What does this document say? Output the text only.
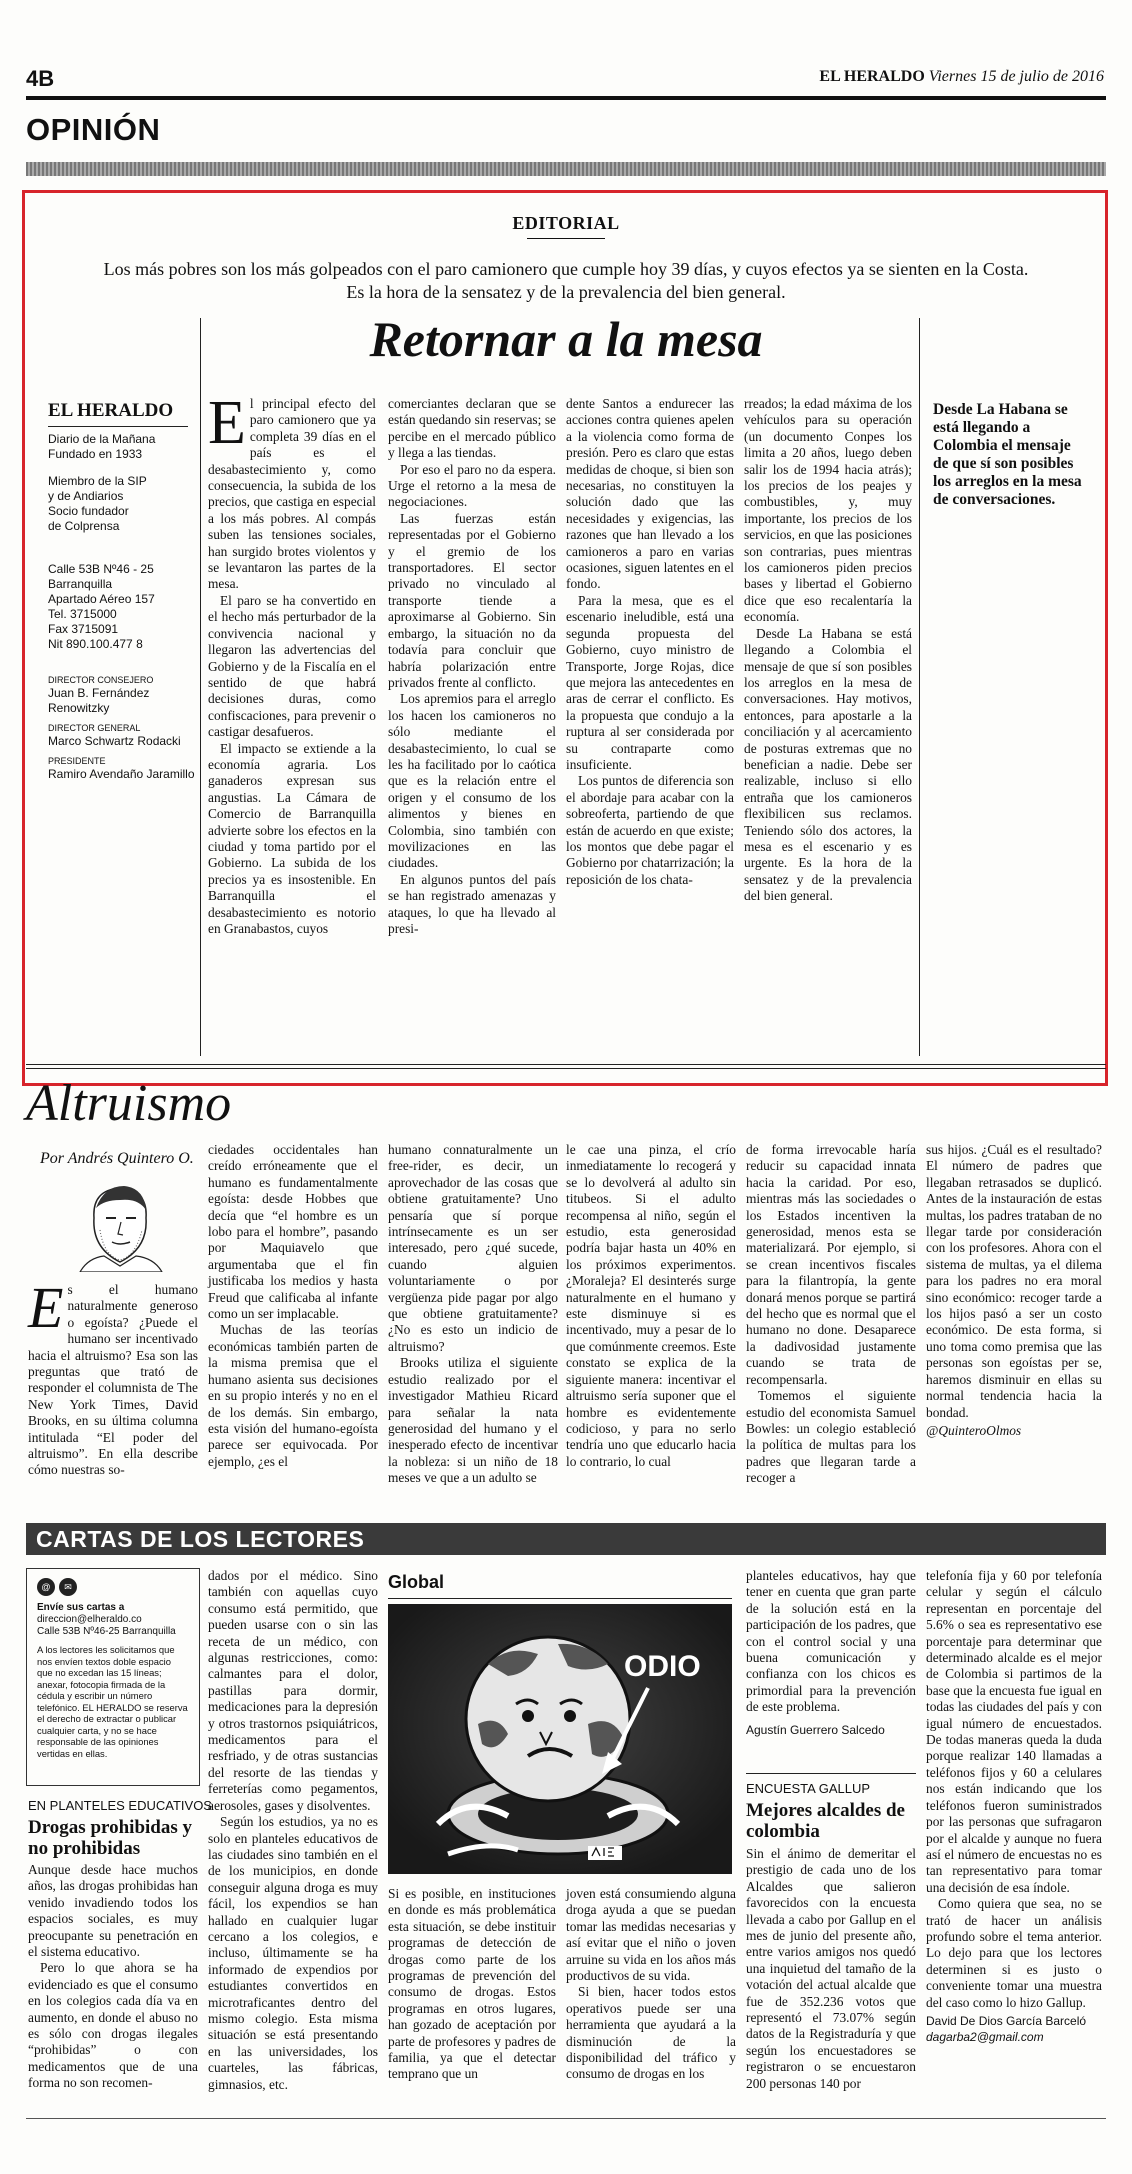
4B	EL HERALDO Viernes 15 de julio de 2016
OPINIÓN
EDITORIAL
Los más pobres son los más golpeados con el paro camionero que cumple hoy 39 días, y cuyos efectos ya se sienten en la Costa. Es la hora de la sensatez y de la prevalencia del bien general.
Retornar a la mesa
EL HERALDO
Diario de la Mañana
Fundado en 1933
Miembro de la SIP
y de Andiarios
Socio fundador
de Colprensa
Calle 53B Nº46 - 25
Barranquilla
Apartado Aéreo 157
Tel. 3715000
Fax 3715091
Nit 890.100.477 8
DIRECTOR CONSEJERO
Juan B. Fernández Renowitzky
DIRECTOR GENERAL
Marco Schwartz Rodacki
PRESIDENTE
Ramiro Avendaño Jaramillo

El principal efecto del paro camionero que ya completa 39 días en el país es el desabastecimiento y, como consecuencia, la subida de los precios, que castiga en especial a los más pobres. Al compás suben las tensiones sociales, han surgido brotes violentos y se levantaron las partes de la mesa.

El paro se ha convertido en el hecho más perturbador de la convivencia nacional y llegaron las advertencias del Gobierno y de la Fiscalía en el sentido de que habrá decisiones duras, como confiscaciones, para prevenir o castigar desafueros.

El impacto se extiende a la economía agraria. Los ganaderos expresan sus angustias. La Cámara de Comercio de Barranquilla advierte sobre los efectos en la ciudad y toma partido por el Gobierno. La subida de los precios ya es insostenible. En Barranquilla el desabastecimiento es notorio en Granabastos, cuyos

comerciantes declaran que se están quedando sin reservas; se percibe en el mercado público y llega a las tiendas.

Por eso el paro no da espera. Urge el retorno a la mesa de negociaciones.

Las fuerzas están representadas por el Gobierno y el gremio de los transportadores. El sector privado no vinculado al transporte tiende a aproximarse al Gobierno. Sin embargo, la situación no da todavía para concluir que habría polarización entre privados frente al conflicto.

Los apremios para el arreglo los hacen los camioneros no sólo mediante el desabastecimiento, lo cual se les ha facilitado por lo caótica que es la relación entre el origen y el consumo de los alimentos y bienes en Colombia, sino también con movilizaciones en las ciudades.

En algunos puntos del país se han registrado amenazas y ataques, lo que ha llevado al presi-

dente Santos a endurecer las acciones contra quienes apelen a la violencia como forma de presión. Pero es claro que estas medidas de choque, si bien son necesarias, no constituyen la solución dado que las necesidades y exigencias, las razones que han llevado a los camioneros a paro en varias ocasiones, siguen latentes en el fondo.

Para la mesa, que es el escenario ineludible, está una segunda propuesta del Gobierno, cuyo ministro de Transporte, Jorge Rojas, dice que mejora las antecedentes en aras de cerrar el conflicto. Es la propuesta que condujo a la ruptura al ser considerada por su contraparte como insuficiente.

Los puntos de diferencia son el abordaje para acabar con la sobreoferta, partiendo de que están de acuerdo en que existe; los montos que debe pagar el Gobierno por chatarrización; la reposición de los chata-

rreados; la edad máxima de los vehículos para su operación (un documento Conpes los limita a 20 años, luego deben salir los de 1994 hacia atrás); los precios de los peajes y combustibles, y, muy importante, los precios de los servicios, en que las posiciones son contrarias, pues mientras los camioneros piden precios bases y libertad el Gobierno dice que eso recalentaría la economía.

Desde La Habana se está llegando a Colombia el mensaje de que sí son posibles los arreglos en la mesa de conversaciones. Hay motivos, entonces, para apostarle a la conciliación y al acercamiento de posturas extremas que no benefician a nadie. Debe ser realizable, incluso si ello entraña que los camioneros flexibilicen sus reclamos. Teniendo sólo dos actores, la mesa es el escenario y es urgente. Es la hora de la sensatez y de la prevalencia del bien general.

Desde La Habana se está llegando a Colombia el mensaje de que sí son posibles los arreglos en la mesa de conversaciones.
Altruismo
Por Andrés Quintero O.

Es el humano naturalmente generoso o egoísta? ¿Puede el humano ser incentivado hacia el altruismo? Esa son las preguntas que trató de responder el columnista de The New York Times, David Brooks, en su última columna intitulada “El poder del altruismo”. En ella describe cómo nuestras so-

ciedades occidentales han creído erróneamente que el humano es fundamentalmente egoísta: desde Hobbes que decía que “el hombre es un lobo para el hombre”, pasando por Maquiavelo que argumentaba que el fin justificaba los medios y hasta Freud que calificaba al infante como un ser implacable.

Muchas de las teorías económicas también parten de la misma premisa que el humano asienta sus decisiones en su propio interés y no en el de los demás. Sin embargo, esta visión del humano-egoísta parece ser equivocada. Por ejemplo, ¿es el

humano connaturalmente un free-rider, es decir, un aprovechador de las cosas que obtiene gratuitamente? Uno pensaría que sí porque intrínsecamente es un ser interesado, pero ¿qué sucede, cuando alguien voluntariamente o por vergüenza pide pagar por algo que obtiene gratuitamente? ¿No es esto un indicio de altruismo?

Brooks utiliza el siguiente estudio realizado por el investigador Mathieu Ricard para señalar la nata generosidad del humano y el inesperado efecto de incentivar la nobleza: si un niño de 18 meses ve que a un adulto se

le cae una pinza, el crío inmediatamente lo recogerá y se lo devolverá al adulto sin titubeos. Si el adulto recompensa al niño, según el estudio, esta generosidad podría bajar hasta un 40% en los próximos experimentos. ¿Moraleja? El desinterés surge naturalmente en el humano y este disminuye si es incentivado, muy a pesar de lo que comúnmente creemos. Este constato se explica de la siguiente manera: incentivar el altruismo sería suponer que el hombre es evidentemente codicioso, y para no serlo tendría uno que educarlo hacia lo contrario, lo cual

de forma irrevocable haría reducir su capacidad innata hacia la caridad. Por eso, mientras más las sociedades o los Estados incentiven la generosidad, menos esta se materializará. Por ejemplo, si se crean incentivos fiscales para la filantropía, la gente donará menos porque se partirá del hecho que es normal que el humano no done. Desaparece la dadivosidad justamente cuando se trata de recompensarla.

Tomemos el siguiente estudio del economista Samuel Bowles: un colegio estableció la política de multas para los padres que llegaran tarde a recoger a

sus hijos. ¿Cuál es el resultado? El número de padres que llegaban retrasados se duplicó. Antes de la instauración de estas multas, los padres trataban de no llegar tarde por consideración con los profesores. Ahora con el sistema de multas, ya el dilema para los padres no era moral sino económico: recoger tarde a los hijos pasó a ser un costo económico. De esta forma, si uno toma como premisa que las personas son egoístas per se, haremos disminuir en ellas su normal tendencia hacia la bondad.

@QuinteroOlmos

CARTAS DE LOS LECTORES
@ ✉
Envíe sus cartas a
direccion@elheraldo.co
Calle 53B Nº46-25 Barranquilla
A los lectores les solicitamos que nos envíen textos doble espacio que no excedan las 15 líneas; anexar, fotocopia firmada de la cédula y escribir un número telefónico. EL HERALDO se reserva el derecho de extractar o publicar cualquier carta, y no se hace responsable de las opiniones vertidas en ellas.
EN PLANTELES EDUCATIVOS
Drogas prohibidas y no prohibidas

Aunque desde hace muchos años, las drogas prohibidas han venido invadiendo todos los espacios sociales, es muy preocupante su penetración en el sistema educativo.

Pero lo que ahora se ha evidenciado es que el consumo en los colegios cada día va en aumento, en donde el abuso no es sólo con drogas ilegales “prohibidas” o con medicamentos que de una forma no son recomen-

dados por el médico. Sino también con aquellas cuyo consumo está permitido, que pueden usarse con o sin las receta de un médico, con algunas restricciones, como: calmantes para el dolor, pastillas para dormir, medicaciones para la depresión y otros trastornos psiquiátricos, medicamentos para el resfriado, y de otras sustancias del resorte de las tiendas y ferreterías como pegamentos, aerosoles, gases y disolventes.

Según los estudios, ya no es solo en planteles educativos de las ciudades sino también en el de los municipios, en donde conseguir alguna droga es muy fácil, los expendios se han hallado en cualquier lugar cercano a los colegios, e incluso, últimamente se ha informado de expendios por estudiantes convertidos en microtraficantes dentro del mismo colegio. Esta misma situación se está presentando en las universidades, los cuarteles, las fábricas, gimnasios, etc.

Global
ODIO

Si es posible, en instituciones en donde es más problemática esta situación, se debe instituir programas de detección de drogas como parte de los programas de prevención del consumo de drogas. Estos programas en otros lugares, han gozado de aceptación por parte de profesores y padres de familia, ya que el detectar temprano que un

joven está consumiendo alguna droga ayuda a que se puedan tomar las medidas necesarias y así evitar que el niño o joven arruine su vida en los años más productivos de su vida.

Si bien, hacer todos estos operativos puede ser una herramienta que ayudará a la disminución de la disponibilidad del tráfico y consumo de drogas en los

planteles educativos, hay que tener en cuenta que gran parte de la solución está en la participación de los padres, que con el control social y una buena comunicación y confianza con los chicos es primordial para la prevención de este problema.

Agustín Guerrero Salcedo

ENCUESTA GALLUP
Mejores alcaldes de colombia

Sin el ánimo de demeritar el prestigio de cada uno de los Alcaldes que salieron favorecidos con la encuesta llevada a cabo por Gallup en el mes de junio del presente año, entre varios amigos nos quedó una inquietud del tamaño de la votación del actual alcalde que fue de 352.236 votos que representó el 73.07% según datos de la Registraduría y que según los encuestadores se registraron o se encuestaron 200 personas 140 por

telefonía fija y 60 por telefonía celular y según el cálculo representan en porcentaje del 5.6% o sea es representativo ese porcentaje para determinar que determinado alcalde es el mejor de Colombia si partimos de la base que la encuesta fue igual en todas las ciudades del país y con igual número de encuestados. De todas maneras queda la duda porque realizar 140 llamadas a teléfonos fijos y 60 a celulares nos están indicando que los teléfonos fueron suministrados por las personas que sufragaron por el alcalde y aunque no fuera así el número de encuestas no es tan representativo para tomar una decisión de esa índole.

Como quiera que sea, no se trató de hacer un análisis profundo sobre el tema anterior. Lo dejo para que los lectores determinen si es justo o conveniente tomar una muestra del caso como lo hizo Gallup.

David De Dios García Barceló

dagarba2@gmail.com
